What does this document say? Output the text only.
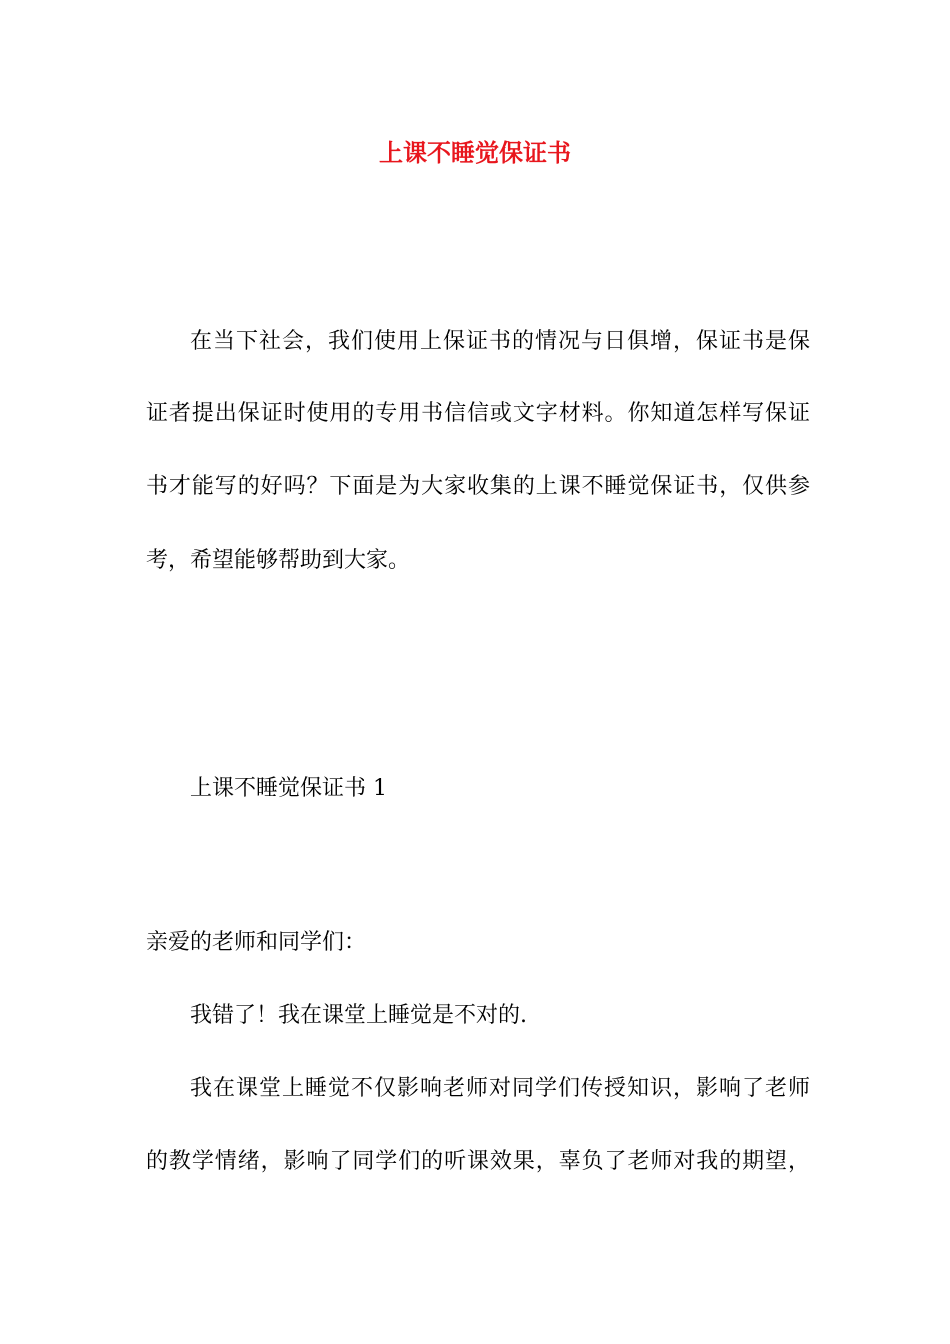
上课不睡觉保证书
在当下社会，我们使用上保证书的情况与日俱增，保证书是保
证者提出保证时使用的专用书信信或文字材料。你知道怎样写保证
书才能写的好吗？下面是为大家收集的上课不睡觉保证书，仅供参
考，希望能够帮助到大家。
上课不睡觉保证书 1
亲爱的老师和同学们：
我错了！我在课堂上睡觉是不对的.
我在课堂上睡觉不仅影响老师对同学们传授知识，影响了老师
的教学情绪，影响了同学们的听课效果，辜负了老师对我的期望，
